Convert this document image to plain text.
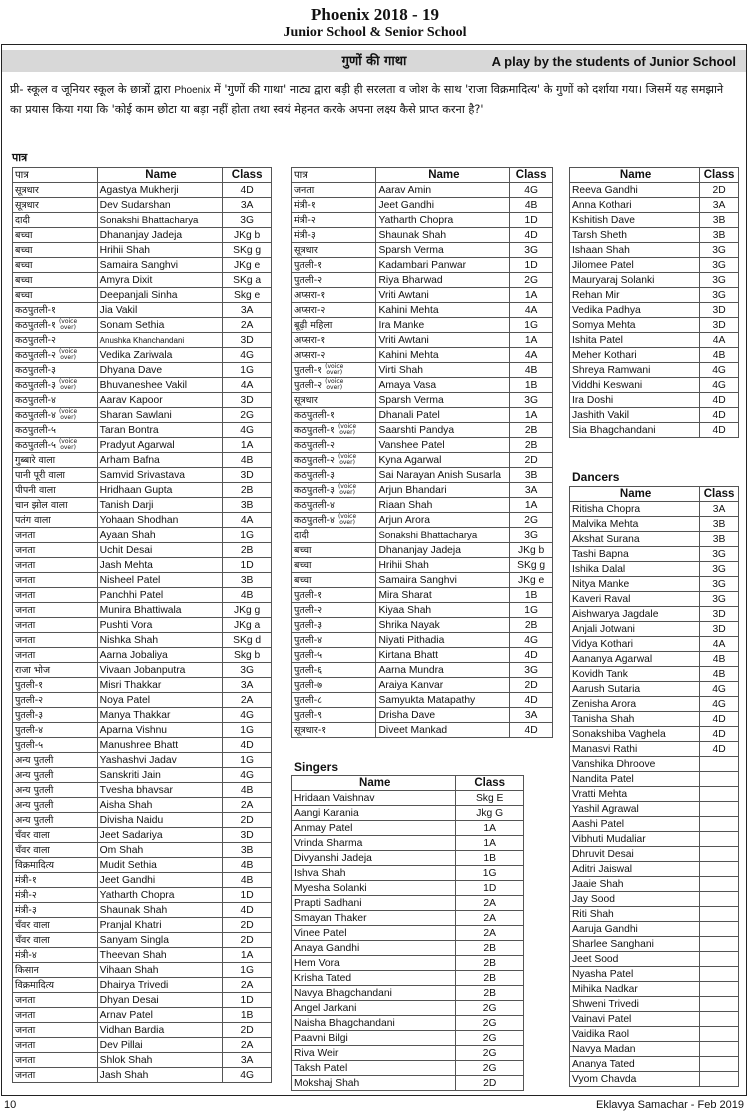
Phoenix 2018 - 19
Junior School & Senior School
गुणों की गाथा	A play by the students of Junior School
प्री- स्कूल व जूनियर स्कूल के छात्रों द्वारा Phoenix में 'गुणों की गाथा' नाट्य द्वारा बड़ी ही सरलता व जोश के साथ 'राजा विक्रमादित्य' के गुणों को दर्शाया गया। जिसमें यह समझाने का प्रयास किया गया कि 'कोई काम छोटा या बड़ा नहीं होता तथा स्वयं मेहनत करके अपना लक्ष्य कैसे प्राप्त करना है?'
पात्र
पात्र	Name	Class
सूत्रधार	Agastya Mukherji	4D
सूत्रधार	Dev Sudarshan	3A
दादी	Sonakshi Bhattacharya	3G
बच्चा	Dhananjay Jadeja	JKg b
बच्चा	Hrihii Shah	SKg g
बच्चा	Samaira Sanghvi	JKg e
बच्चा	Amyra Dixit	SKg a
बच्चा	Deepanjali Sinha	Skg e
कठपुतली-१	Jia Vakil	3A
कठपुतली-१ (voice
over)	Sonam Sethia	2A
कठपुतली-२	Anushka Khanchandani	3D
कठपुतली-२ (voice
over)	Vedika Zariwala	4G
कठपुतली-३	Dhyana Dave	1G
कठपुतली-३ (voice
over)	Bhuvaneshee Vakil	4A
कठपुतली-४	Aarav Kapoor	3D
कठपुतली-४ (voice
over)	Sharan Sawlani	2G
कठपुतली-५	Taran Bontra	4G
कठपुतली-५ (voice
over)	Pradyut Agarwal	1A
गुब्बारे वाला	Arham Bafna	4B
पानी पूरी वाला	Samvid Srivastava	3D
पीपनी वाला	Hridhaan Gupta	2B
चान झोल वाला	Tanish Darji	3B
पतंग वाला	Yohaan Shodhan	4A
जनता	Ayaan Shah	1G
जनता	Uchit Desai	2B
जनता	Jash Mehta	1D
जनता	Nisheel Patel	3B
जनता	Panchhi Patel	4B
जनता	Munira Bhattiwala	JKg g
जनता	Pushti Vora	JKg a
जनता	Nishka Shah	SKg d
जनता	Aarna Jobaliya	Skg b
राजा भोज	Vivaan Jobanputra	3G
पुतली-१	Misri Thakkar	3A
पुतली-२	Noya Patel	2A
पुतली-३	Manya Thakkar	4G
पुतली-४	Aparna Vishnu	1G
पुतली-५	Manushree Bhatt	4D
अन्य पुतली	Yashashvi Jadav	1G
अन्य पुतली	Sanskriti Jain	4G
अन्य पुतली	Tvesha bhavsar	4B
अन्य पुतली	Aisha Shah	2A
अन्य पुतली	Divisha Naidu	2D
चँवर वाला	Jeet Sadariya	3D
चँवर वाला	Om Shah	3B
विक्रमादित्य	Mudit Sethia	4B
मंत्री-१	Jeet Gandhi	4B
मंत्री-२	Yatharth Chopra	1D
मंत्री-३	Shaunak Shah	4D
चँवर वाला	Pranjal Khatri	2D
चँवर वाला	Sanyam Singla	2D
मंत्री-४	Theevan Shah	1A
किसान	Vihaan Shah	1G
विक्रमादित्य	Dhairya Trivedi	2A
जनता	Dhyan Desai	1D
जनता	Arnav Patel	1B
जनता	Vidhan Bardia	2D
जनता	Dev Pillai	2A
जनता	Shlok Shah	3A
जनता	Jash Shah	4G
पात्र	Name	Class
जनता	Aarav Amin	4G
मंत्री-१	Jeet Gandhi	4B
मंत्री-२	Yatharth Chopra	1D
मंत्री-३	Shaunak Shah	4D
सूत्रधार	Sparsh Verma	3G
पुतली-१	Kadambari Panwar	1D
पुतली-२	Riya Bharwad	2G
अप्सरा-१	Vriti Awtani	1A
अप्सरा-२	Kahini Mehta	4A
बूढ़ी महिला	Ira Manke	1G
अप्सरा-१	Vriti Awtani	1A
अप्सरा-२	Kahini Mehta	4A
पुतली-१ (voice
over)	Virti Shah	4B
पुतली-२ (voice
over)	Amaya Vasa	1B
सूत्रधार	Sparsh Verma	3G
कठपुतली-१	Dhanali Patel	1A
कठपुतली-१ (voice
over)	Saarshti Pandya	2B
कठपुतली-२	Vanshee Patel	2B
कठपुतली-२ (voice
over)	Kyna Agarwal	2D
कठपुतली-३	Sai Narayan Anish Susarla	3B
कठपुतली-३ (voice
over)	Arjun Bhandari	3A
कठपुतली-४	Riaan Shah	1A
कठपुतली-४ (voice
over)	Arjun Arora	2G
दादी	Sonakshi Bhattacharya	3G
बच्चा	Dhananjay Jadeja	JKg b
बच्चा	Hrihii Shah	SKg g
बच्चा	Samaira Sanghvi	JKg e
पुतली-१	Mira Sharat	1B
पुतली-२	Kiyaa Shah	1G
पुतली-३	Shrika Nayak	2B
पुतली-४	Niyati Pithadia	4G
पुतली-५	Kirtana Bhatt	4D
पुतली-६	Aarna Mundra	3G
पुतली-७	Araiya Kanvar	2D
पुतली-८	Samyukta Matapathy	4D
पुतली-९	Drisha Dave	3A
सूत्रधार-१	Diveet Mankad	4D
Name	Class
Reeva Gandhi	2D
Anna Kothari	3A
Kshitish Dave	3B
Tarsh Sheth	3B
Ishaan Shah	3G
Jilomee Patel	3G
Mauryaraj Solanki	3G
Rehan Mir	3G
Vedika Padhya	3D
Somya Mehta	3D
Ishita Patel	4A
Meher Kothari	4B
Shreya Ramwani	4G
Viddhi Keswani	4G
Ira Doshi	4D
Jashith Vakil	4D
Sia Bhagchandani	4D
Dancers
Name	Class
Ritisha Chopra	3A
Malvika Mehta	3B
Akshat Surana	3B
Tashi Bapna	3G
Ishika Dalal	3G
Nitya Manke	3G
Kaveri Raval	3G
Aishwarya Jagdale	3D
Anjali Jotwani	3D
Vidya Kothari	4A
Aananya Agarwal	4B
Kovidh Tank	4B
Aarush Sutaria	4G
Zenisha Arora	4G
Tanisha Shah	4D
Sonakshiba Vaghela	4D
Manasvi Rathi	4D
Vanshika Dhroove	
Nandita Patel	
Vratti Mehta	
Yashil Agrawal	
Aashi Patel	
Vibhuti Mudaliar	
Dhruvit Desai	
Aditri Jaiswal	
Jaaie Shah	
Jay Sood	
Riti Shah	
Aaruja Gandhi	
Sharlee Sanghani	
Jeet Sood	
Nyasha Patel	
Mihika Nadkar	
Shweni Trivedi	
Vainavi Patel	
Vaidika Raol	
Navya Madan	
Ananya Tated	
Vyom Chavda	
Singers
Name	Class
Hridaan Vaishnav	Skg E
Aangi Karania	Jkg G
Anmay Patel	1A
Vrinda Sharma	1A
Divyanshi Jadeja	1B
Ishva Shah	1G
Myesha Solanki	1D
Prapti Sadhani	2A
Smayan Thaker	2A
Vinee Patel	2A
Anaya Gandhi	2B
Hem Vora	2B
Krisha Tated	2B
Navya Bhagchandani	2B
Angel Jarkani	2G
Naisha Bhagchandani	2G
Paavni Bilgi	2G
Riva Weir	2G
Taksh Patel	2G
Mokshaj Shah	2D
10	Eklavya Samachar - Feb 2019
